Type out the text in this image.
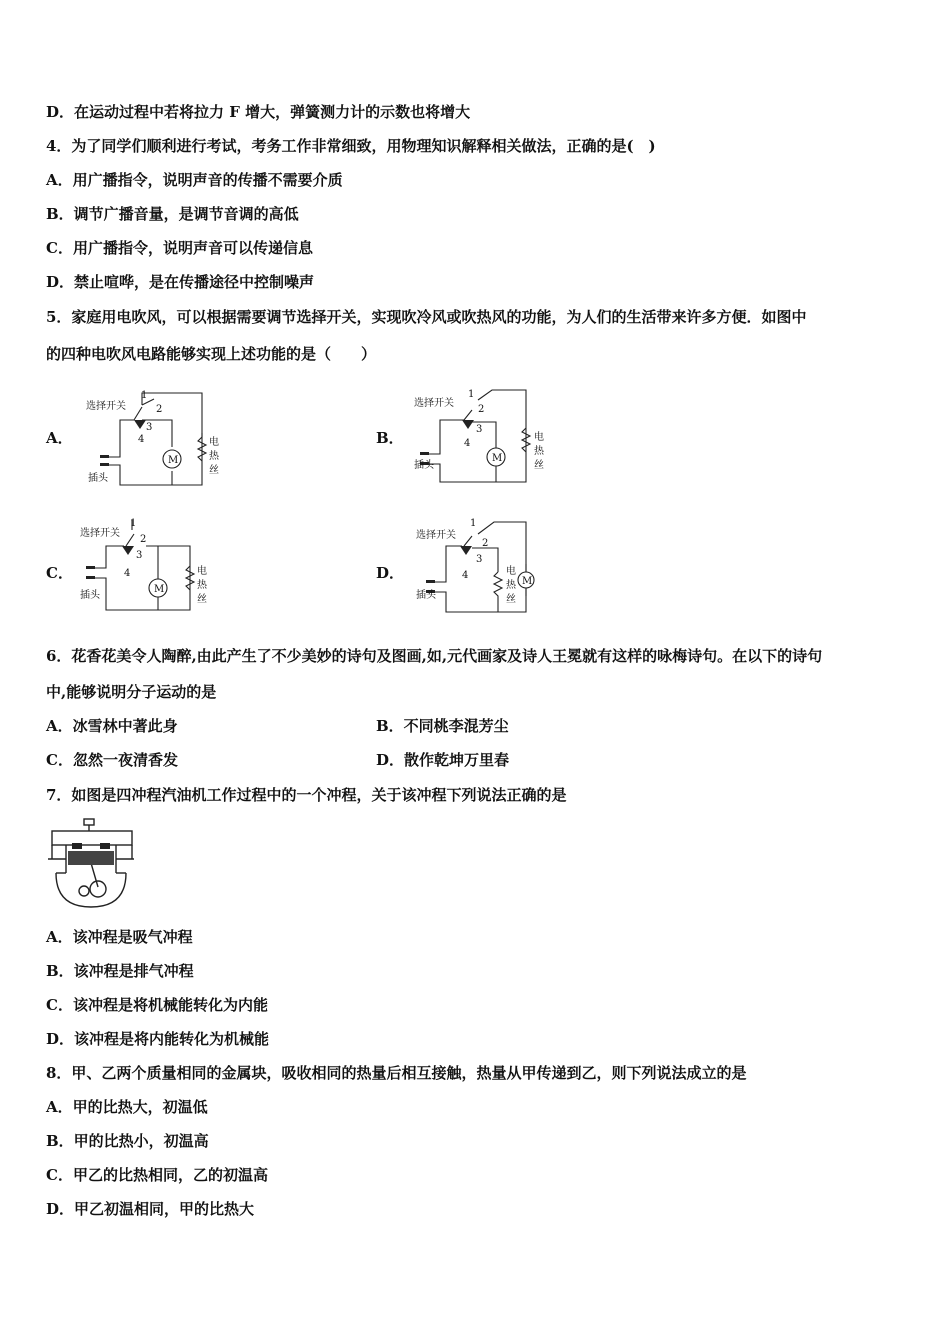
D．在运动过程中若将拉力 F 增大，弹簧测力计的示数也将增大
4．为了同学们顺利进行考试，考务工作非常细致，用物理知识解释相关做法，正确的是(　)
A．用广播指令，说明声音的传播不需要介质
B．调节广播音量，是调节音调的高低
C．用广播指令，说明声音可以传递信息
D．禁止喧哗，是在传播途径中控制噪声
5．家庭用电吹风，可以根据需要调节选择开关，实现吹冷风或吹热风的功能，为人们的生活带来许多方便．如图中
的四种电吹风电路能够实现上述功能的是（　　）
A．	B．
C．	D．
M
选择开关
插头
1
2
3
4	电
热
丝
M
选择开关
插头
1
2
3
4
电
热
丝
M
选择开关
插头
1
2
3
4	电
热
丝
M
选择开关
插头
1
2
3
4	电
热
丝
6．花香花美令人陶醉,由此产生了不少美妙的诗句及图画,如,元代画家及诗人王冕就有这样的咏梅诗句。在以下的诗句
中,能够说明分子运动的是
A．冰雪林中著此身	B．不同桃李混芳尘
C．忽然一夜清香发	D．散作乾坤万里春
7．如图是四冲程汽油机工作过程中的一个冲程，关于该冲程下列说法正确的是
A．该冲程是吸气冲程
B．该冲程是排气冲程
C．该冲程是将机械能转化为内能
D．该冲程是将内能转化为机械能
8．甲、乙两个质量相同的金属块，吸收相同的热量后相互接触，热量从甲传递到乙，则下列说法成立的是
A．甲的比热大，初温低
B．甲的比热小，初温高
C．甲乙的比热相同，乙的初温高
D．甲乙初温相同，甲的比热大
